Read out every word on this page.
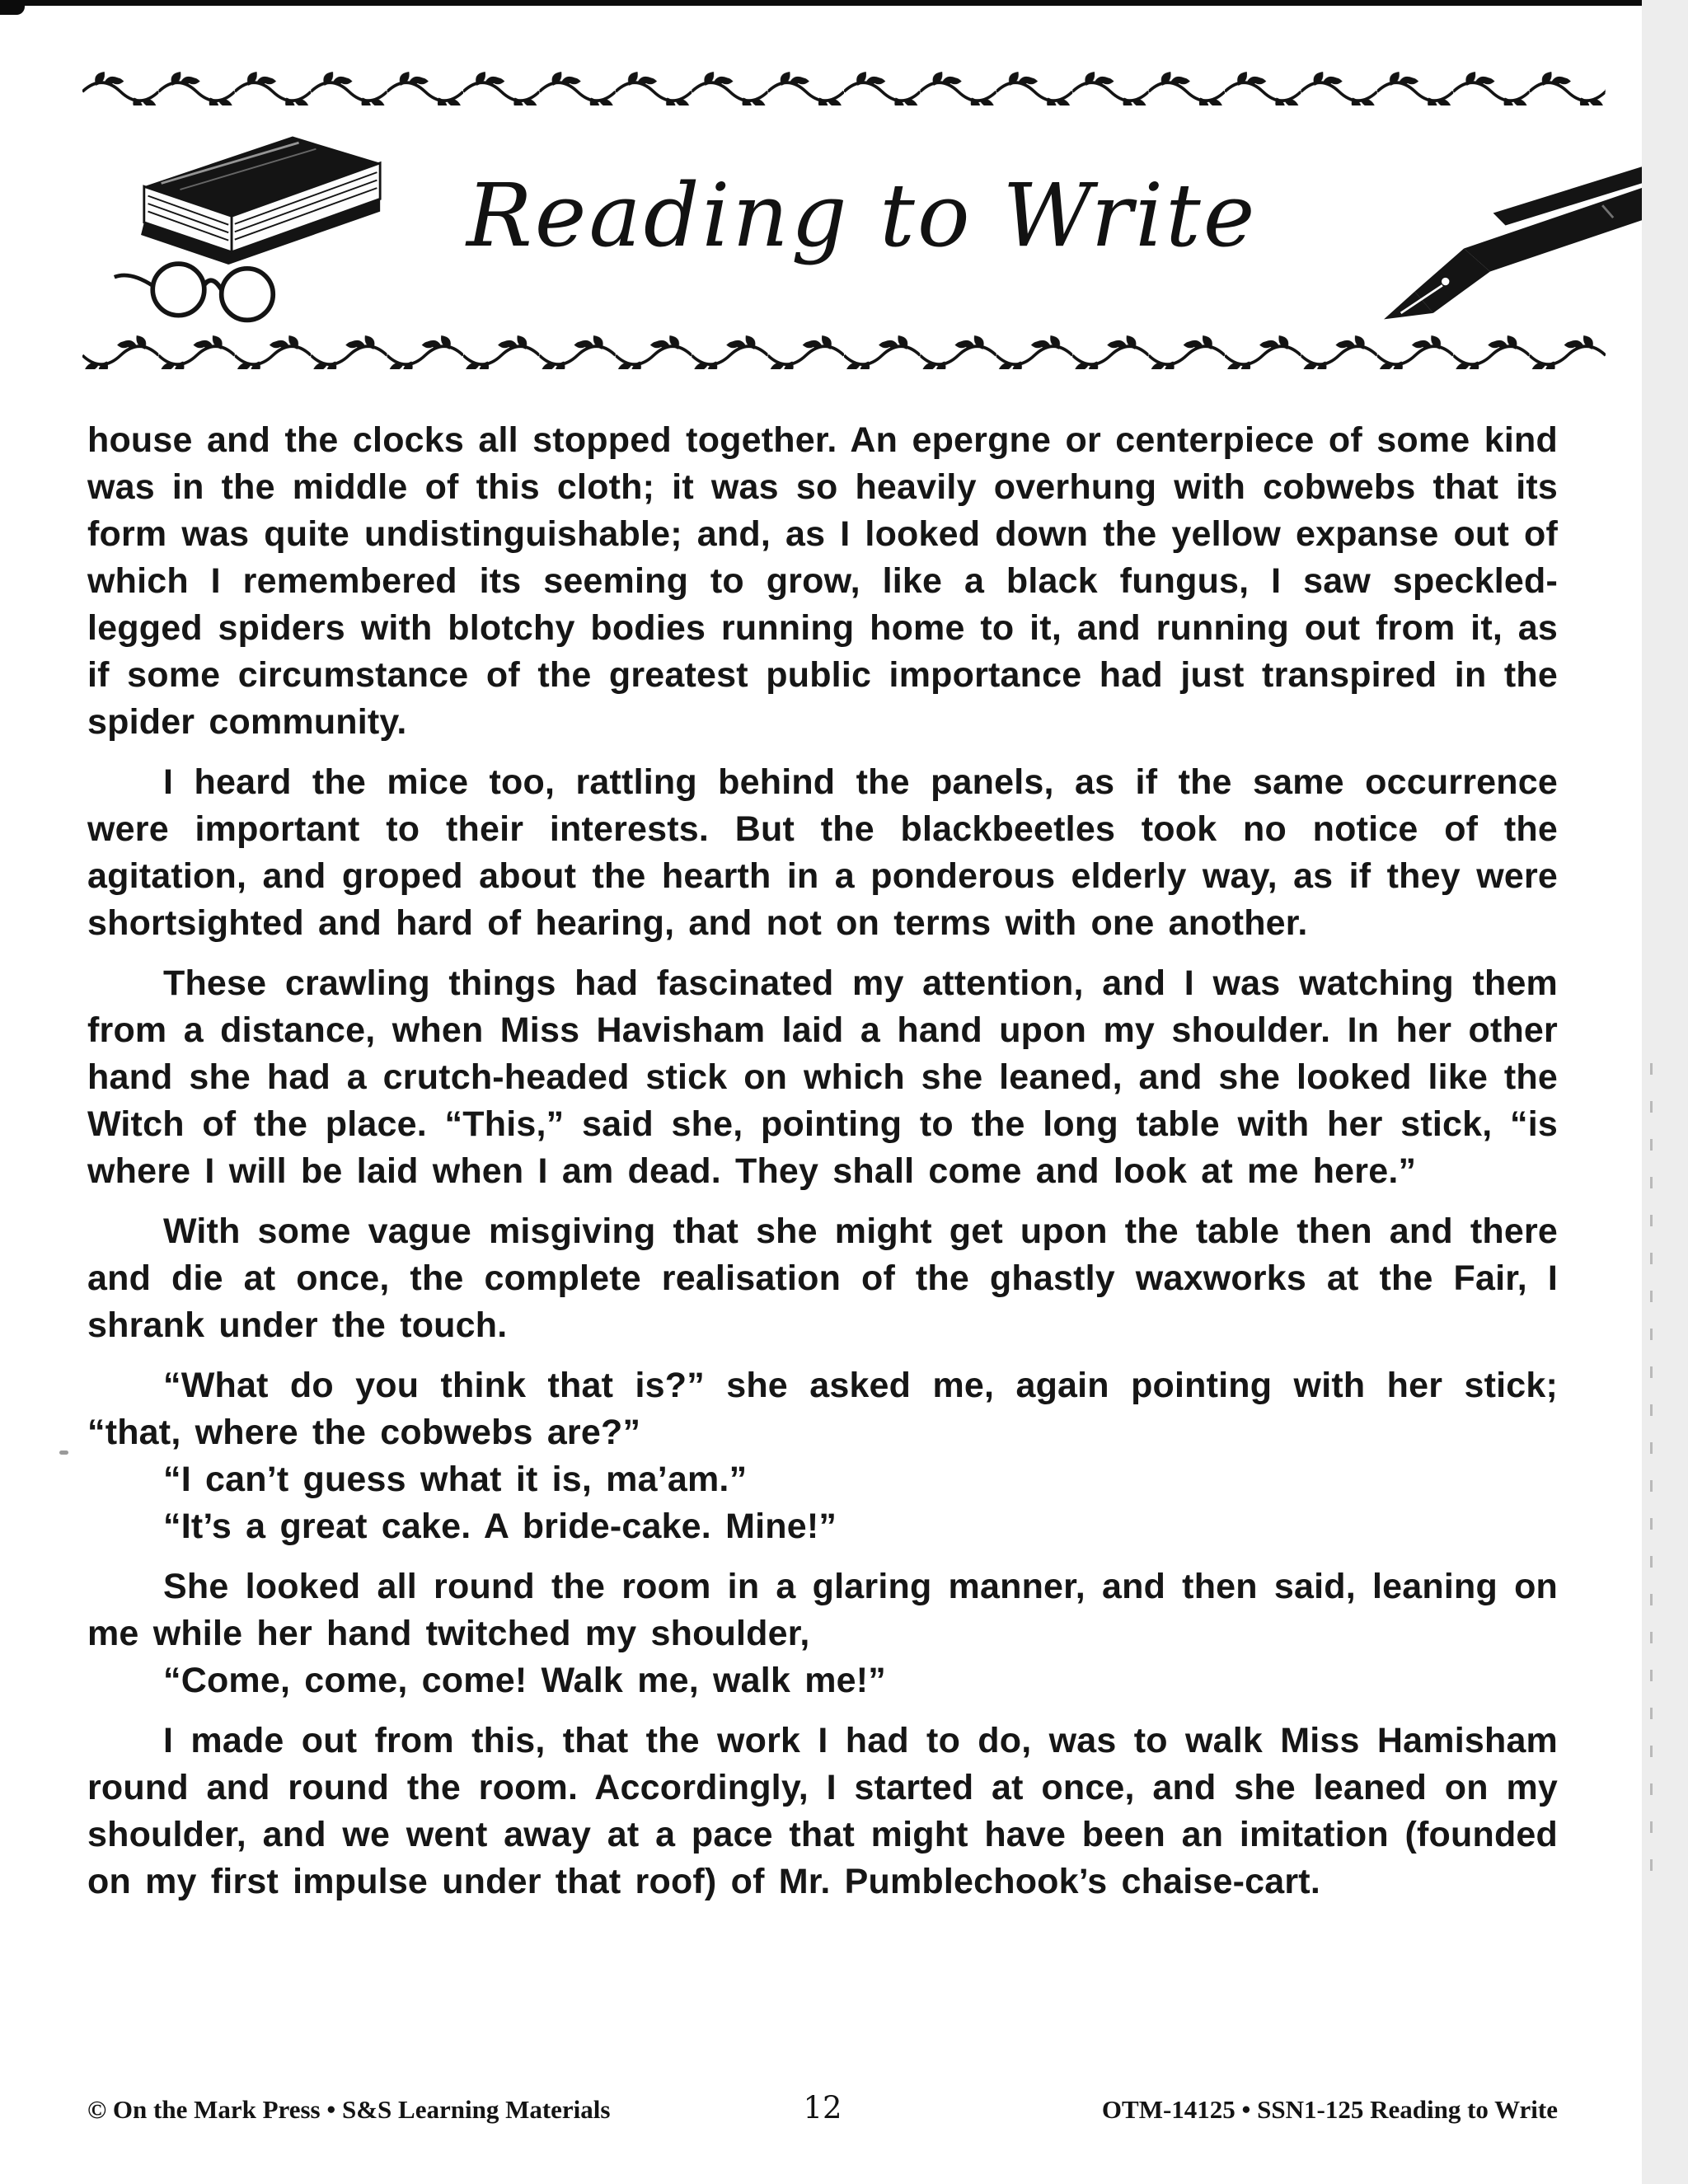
Reading to Write

house and the clocks all stopped together. An epergne or centerpiece of some kind was in the middle of this cloth; it was so heavily overhung with cobwebs that its form was quite undistinguishable; and, as I looked down the yellow expanse out of which I remembered its seeming to grow, like a black fungus, I saw speckled-legged spiders with blotchy bodies running home to it, and running out from it, as if some circumstance of the greatest public importance had just transpired in the spider community.

I heard the mice too, rattling behind the panels, as if the same occurrence were important to their interests. But the blackbeetles took no notice of the agitation, and groped about the hearth in a ponderous elderly way, as if they were shortsighted and hard of hearing, and not on terms with one another.

These crawling things had fascinated my attention, and I was watching them from a distance, when Miss Havisham laid a hand upon my shoulder. In her other hand she had a crutch-headed stick on which she leaned, and she looked like the Witch of the place. “This,” said she, pointing to the long table with her stick, “is where I will be laid when I am dead. They shall come and look at me here.”

With some vague misgiving that she might get upon the table then and there and die at once, the complete realisation of the ghastly waxworks at the Fair, I shrank under the touch.

“What do you think that is?” she asked me, again pointing with her stick; “that, where the cobwebs are?”

“I can’t guess what it is, ma’am.”

“It’s a great cake. A bride-cake. Mine!”

She looked all round the room in a glaring manner, and then said, leaning on me while her hand twitched my shoulder,

“Come, come, come! Walk me, walk me!”

I made out from this, that the work I had to do, was to walk Miss Hamisham round and round the room. Accordingly, I started at once, and she leaned on my shoulder, and we went away at a pace that might have been an imitation (founded on my first impulse under that roof) of Mr. Pumblechook’s chaise-cart.

© On the Mark Press • S&S Learning Materials	12	OTM-14125 • SSN1-125 Reading to Write
